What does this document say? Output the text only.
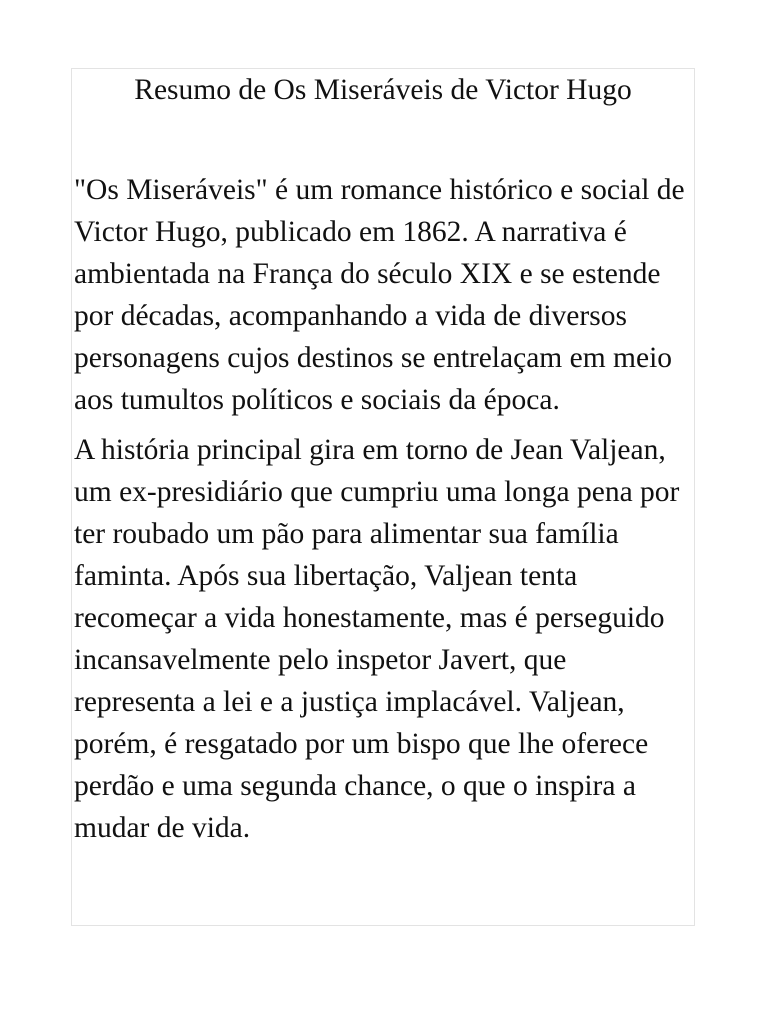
Resumo de Os Miseráveis de Victor Hugo

"Os Miseráveis" é um romance histórico e social de Victor Hugo, publicado em 1862. A narrativa é ambientada na França do século XIX e se estende por décadas, acompanhando a vida de diversos personagens cujos destinos se entrelaçam em meio aos tumultos políticos e sociais da época.

A história principal gira em torno de Jean Valjean, um ex-presidiário que cumpriu uma longa pena por ter roubado um pão para alimentar sua família faminta. Após sua libertação, Valjean tenta recomeçar a vida honestamente, mas é perseguido incansavelmente pelo inspetor Javert, que representa a lei e a justiça implacável. Valjean, porém, é resgatado por um bispo que lhe oferece perdão e uma segunda chance, o que o inspira a mudar de vida.
